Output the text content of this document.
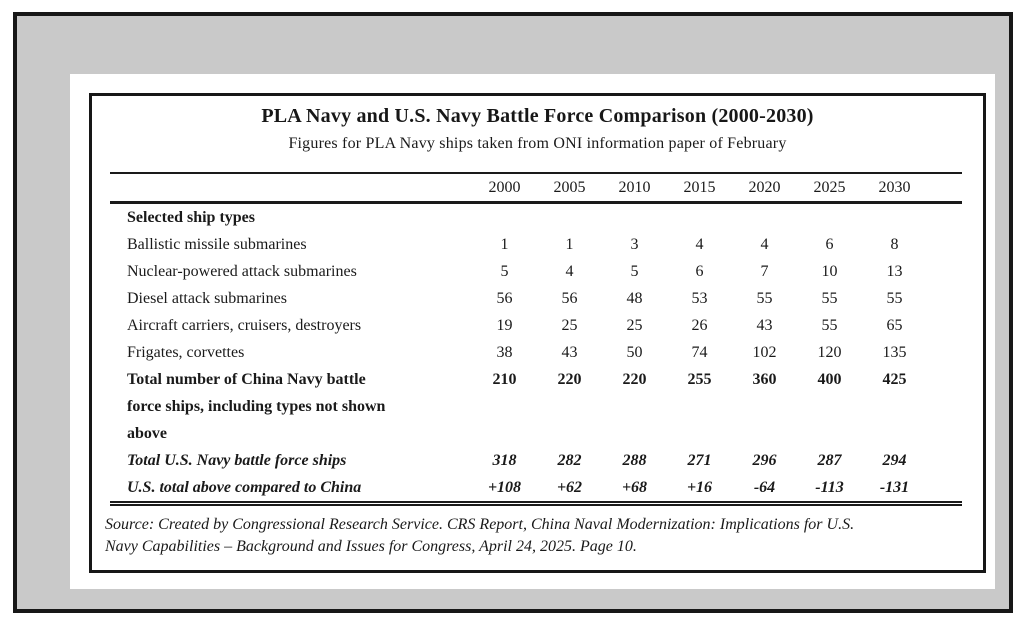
PLA Navy and U.S. Navy Battle Force Comparison (2000-2030)
Figures for PLA Navy ships taken from ONI information paper of February
	2000	2005	2010	2015	2020	2025	2030	
Selected ship types								
Ballistic missile submarines	1	1	3	4	4	6	8	
Nuclear-powered attack submarines	5	4	5	6	7	10	13	
Diesel attack submarines	56	56	48	53	55	55	55	
Aircraft carriers, cruisers, destroyers	19	25	25	26	43	55	65	
Frigates, corvettes	38	43	50	74	102	120	135	

Total number of China Navy battle
force ships, including types not shown
above	210	220	220	255	360	400	425	
Total U.S. Navy battle force ships	318	282	288	271	296	287	294	
U.S. total above compared to China	+108	+62	+68	+16	-64	-113	-131	
Source: Created by Congressional Research Service. CRS Report, China Naval Modernization: Implications for U.S.
Navy Capabilities – Background and Issues for Congress, April 24, 2025. Page 10.
